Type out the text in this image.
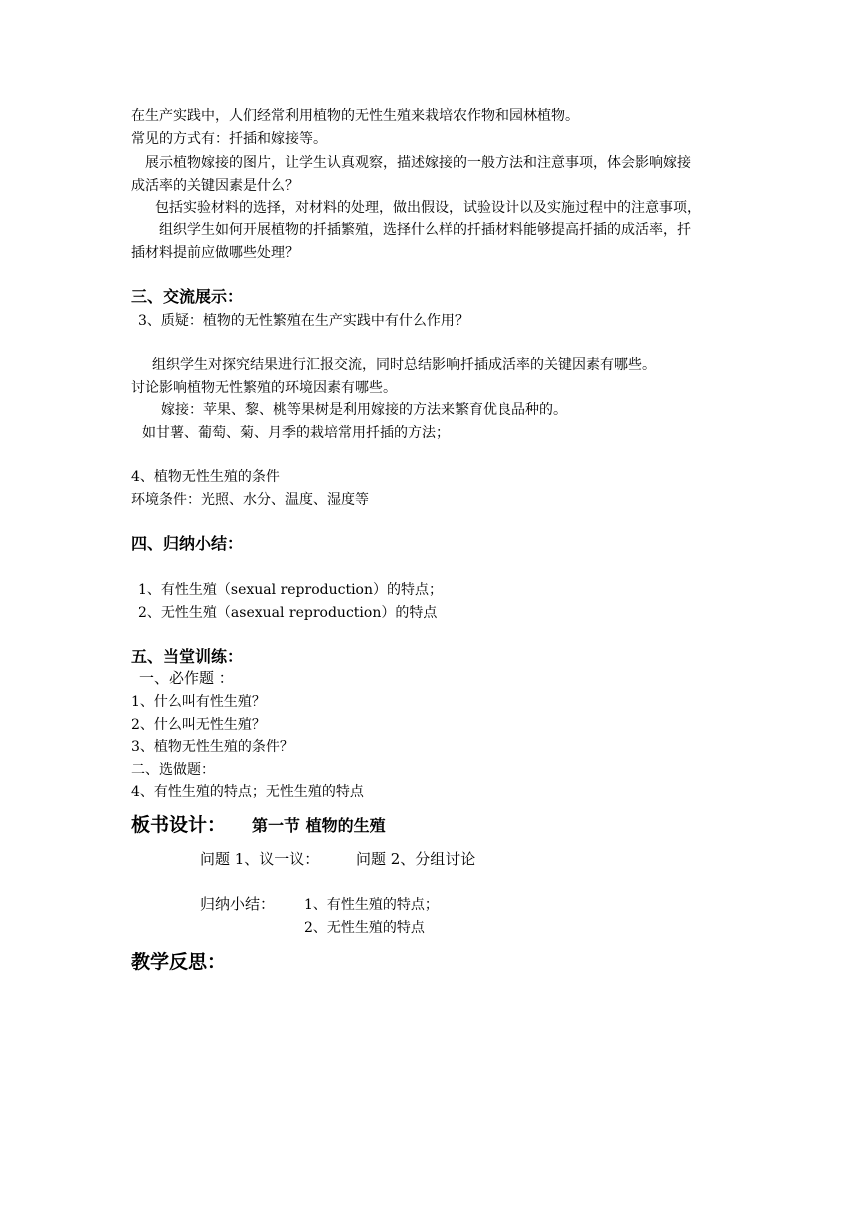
在生产实践中，人们经常利用植物的无性生殖来栽培农作物和园林植物。
常见的方式有：扦插和嫁接等。
展示植物嫁接的图片，让学生认真观察，描述嫁接的一般方法和注意事项，体会影响嫁接
成活率的关键因素是什么？
包括实验材料的选择，对材料的处理，做出假设，试验设计以及实施过程中的注意事项，
组织学生如何开展植物的扦插繁殖，选择什么样的扦插材料能够提高扦插的成活率，扦
插材料提前应做哪些处理？
三、交流展示：
3、质疑：植物的无性繁殖在生产实践中有什么作用？
组织学生对探究结果进行汇报交流，同时总结影响扦插成活率的关键因素有哪些。
讨论影响植物无性繁殖的环境因素有哪些。
嫁接：苹果、黎、桃等果树是利用嫁接的方法来繁育优良品种的。
如甘薯、葡萄、菊、月季的栽培常用扦插的方法；
4、植物无性生殖的条件
环境条件：光照、水分、温度、湿度等
四、归纳小结：
1、有性生殖（sexual reproduction）的特点；
2、无性生殖（asexual reproduction）的特点
五、当堂训练：
一、必作题 ：
1、什么叫有性生殖？
2、什么叫无性生殖？
3、植物无性生殖的条件？
二、选做题：
4、有性生殖的特点；无性生殖的特点
板书设计： 第一节 植物的生殖
问题 1、议一议： 问题 2、分组讨论
归纳小结： 1、有性生殖的特点；
2、无性生殖的特点
教学反思：
